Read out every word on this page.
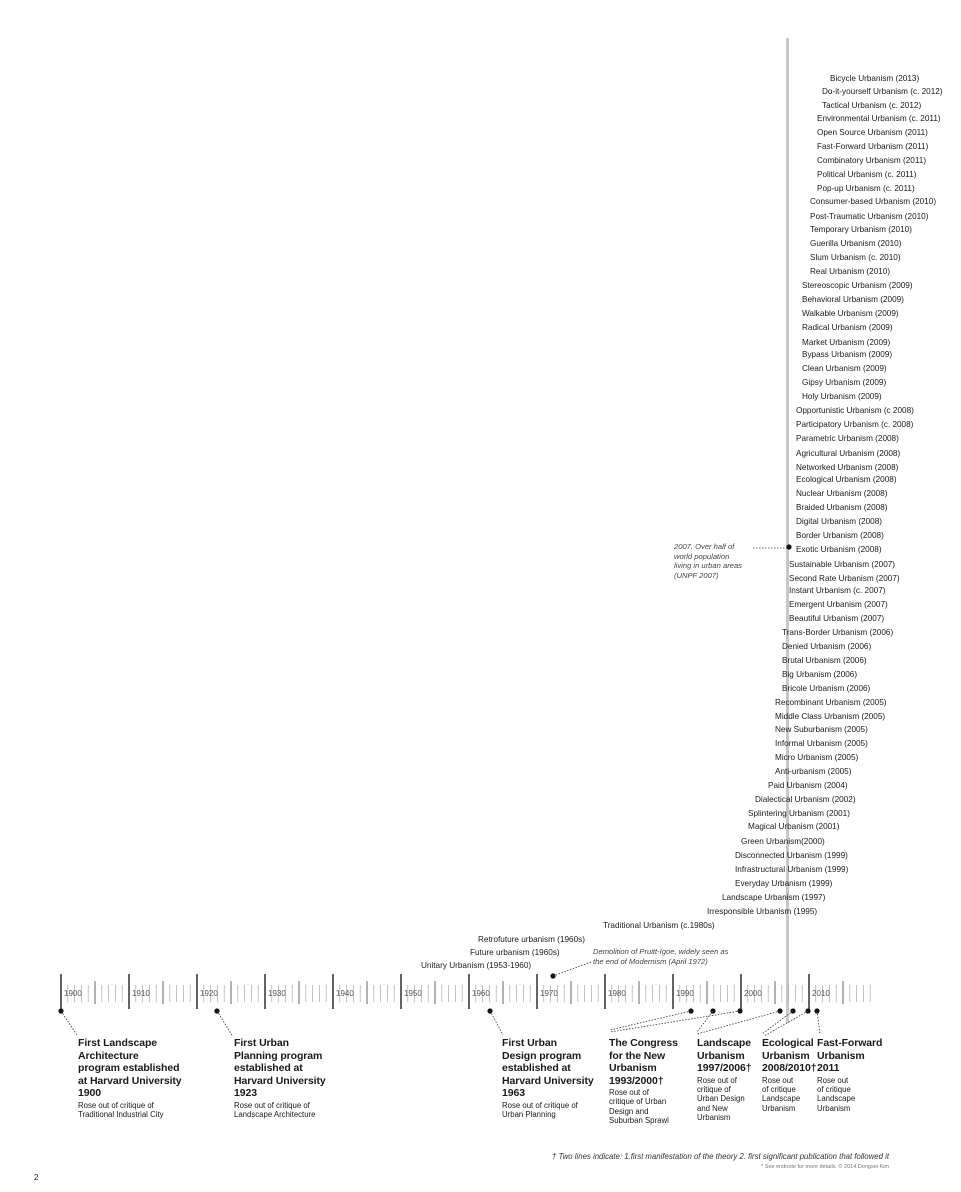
Bicycle Urbanism (2013)
Do-it-yourself Urbanism (c. 2012)
Tactical Urbanism (c. 2012)
Environmental Urbanism (c. 2011)
Open Source Urbanism (2011)
Fast-Forward Urbanism (2011)
Combinatory Urbanism (2011)
Political Urbanism (c. 2011)
Pop-up Urbanism (c. 2011)
Consumer-based Urbanism (2010)
Post-Traumatic Urbanism (2010)
Temporary Urbanism (2010)
Guerilla Urbanism (2010)
Slum Urbanism (c. 2010)
Real Urbanism (2010)
Stereoscopic Urbanism (2009)
Behavioral Urbanism (2009)
Walkable Urbanism (2009)
Radical Urbanism (2009)
Market Urbanism (2009)
Bypass Urbanism (2009)
Clean Urbanism (2009)
Gipsy Urbanism (2009)
Holy Urbanism (2009)
Opportunistic Urbanism (c 2008)
Participatory Urbanism (c. 2008)
Parametric Urbanism (2008)
Agricultural Urbanism (2008)
Networked Urbanism (2008)
Ecological Urbanism (2008)
Nuclear Urbanism (2008)
Braided Urbanism (2008)
Digital Urbanism (2008)
Border Urbanism (2008)
Exotic Urbanism (2008)
Sustainable Urbanism (2007)
Second Rate Urbanism (2007)
Instant Urbanism (c. 2007)
Emergent Urbanism (2007)
Beautiful Urbanism (2007)
Trans-Border Urbanism (2006)
Denied Urbanism (2006)
Brutal Urbanism (2006)
Big Urbanism (2006)
Bricole Urbanism (2006)
Recombinant Urbanism (2005)
Middle Class Urbanism (2005)
New Suburbanism (2005)
Informal Urbanism (2005)
Micro Urbanism (2005)
Anti-urbanism (2005)
Paid Urbanism (2004)
Dialectical Urbanism (2002)
Splintering Urbanism (2001)
Magical Urbanism (2001)
Green Urbanism(2000)
Disconnected Urbanism (1999)
Infrastructural Urbanism (1999)
Everyday Urbanism (1999)
Landscape Urbanism (1997)
Irresponsible Urbanism (1995)
Traditional Urbanism (c.1980s)
Retrofuture urbanism (1960s)
Future urbanism (1960s)
Unitary Urbanism (1953-1960)
1900	1910	1920	1930	1940	1950	1960	1970	1980	1990	2000	2010
First Landscape
Architecture
program established
at Harvard University
1900
Rose out of critique of
Traditional Industrial City
First Urban
Planning program
established at
Harvard University
1923
Rose out of critique of
Landscape Architecture
First Urban
Design program
established at
Harvard University
1963
Rose out of critique of
Urban Planning
The Congress
for the New
Urbanism
1993/2000†
Rose out of
critique of Urban
Design and
Suburban Sprawl
Landscape
Urbanism
1997/2006†
Rose out of
critique of
Urban Design
and New
Urbanism
Ecological
Urbanism
2008/2010†
Rose out
of critique
Landscape
Urbanism
Fast-Forward
Urbanism
2011
Rose out
of critique
Landscape
Urbanism
2007. Over half of
world population
living in urban areas
(UNPF 2007)
Demolition of Pruitt-Igoe, widely seen as
the end of Modernism (April 1972)
† Two lines indicate: 1.first manifestation of the theory 2. first significant publication that followed it
* See endnote for more details. © 2014 Dongsei Kim
2
